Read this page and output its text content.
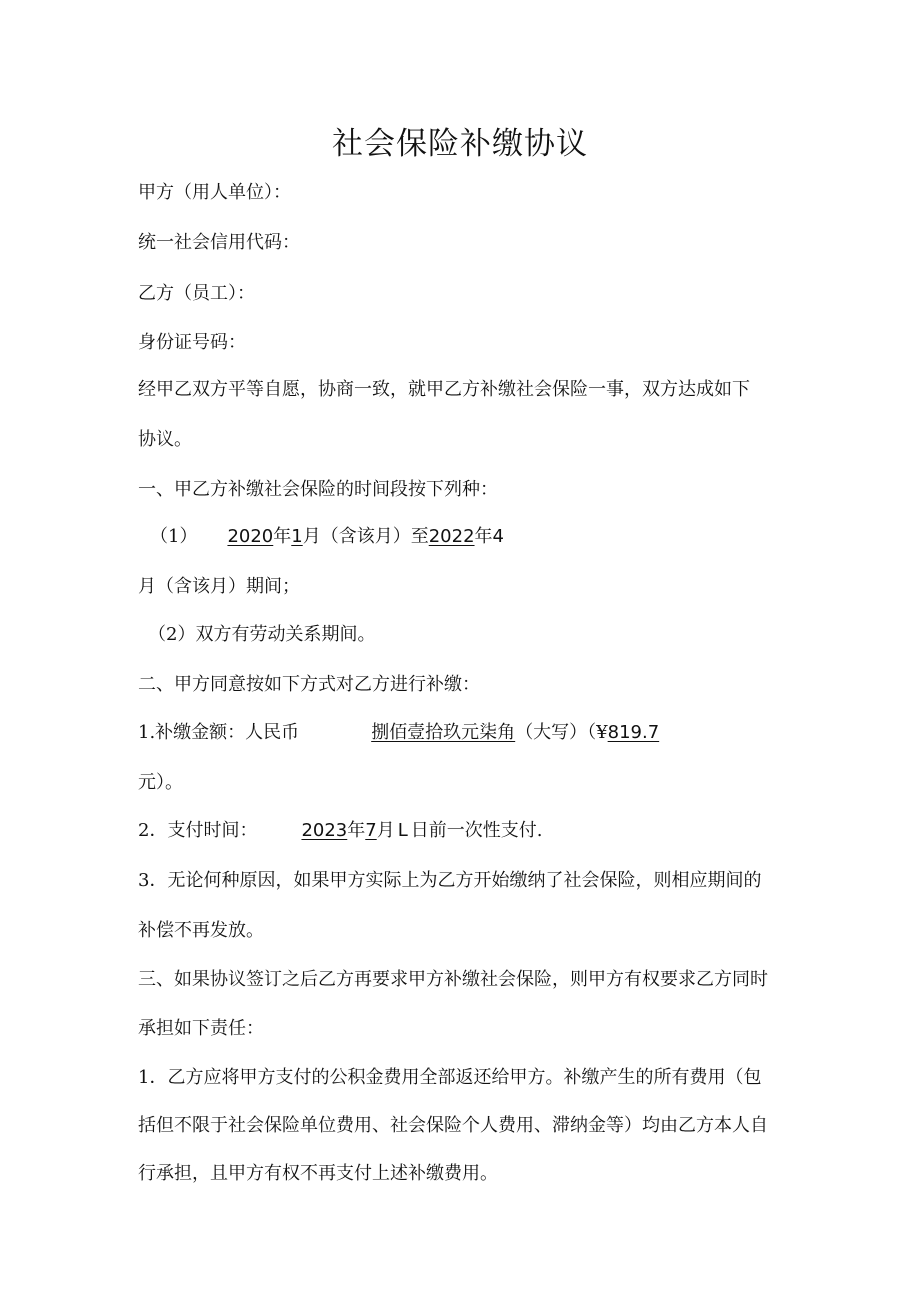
社会保险补缴协议
甲方（用人单位）：
统一社会信用代码：
乙方（员工）：
身份证号码：
经甲乙双方平等自愿，协商一致，就甲乙方补缴社会保险一事，双方达成如下
协议。
一、甲乙方补缴社会保险的时间段按下列种：
（1） 2020年1月（含该月）至2022年4
月（含该月）期间；
（2）双方有劳动关系期间。
二、甲方同意按如下方式对乙方进行补缴：
1.补缴金额：人民币	捌佰壹拾玖元柒角（大写）（¥819.7
元）。
2．支付时间： 2023年7月 L 日前一次性支付.
3．无论何种原因，如果甲方实际上为乙方开始缴纳了社会保险，则相应期间的
补偿不再发放。
三、如果协议签订之后乙方再要求甲方补缴社会保险，则甲方有权要求乙方同时
承担如下责任：
1．乙方应将甲方支付的公积金费用全部返还给甲方。补缴产生的所有费用（包
括但不限于社会保险单位费用、社会保险个人费用、滞纳金等）均由乙方本人自
行承担，且甲方有权不再支付上述补缴费用。
